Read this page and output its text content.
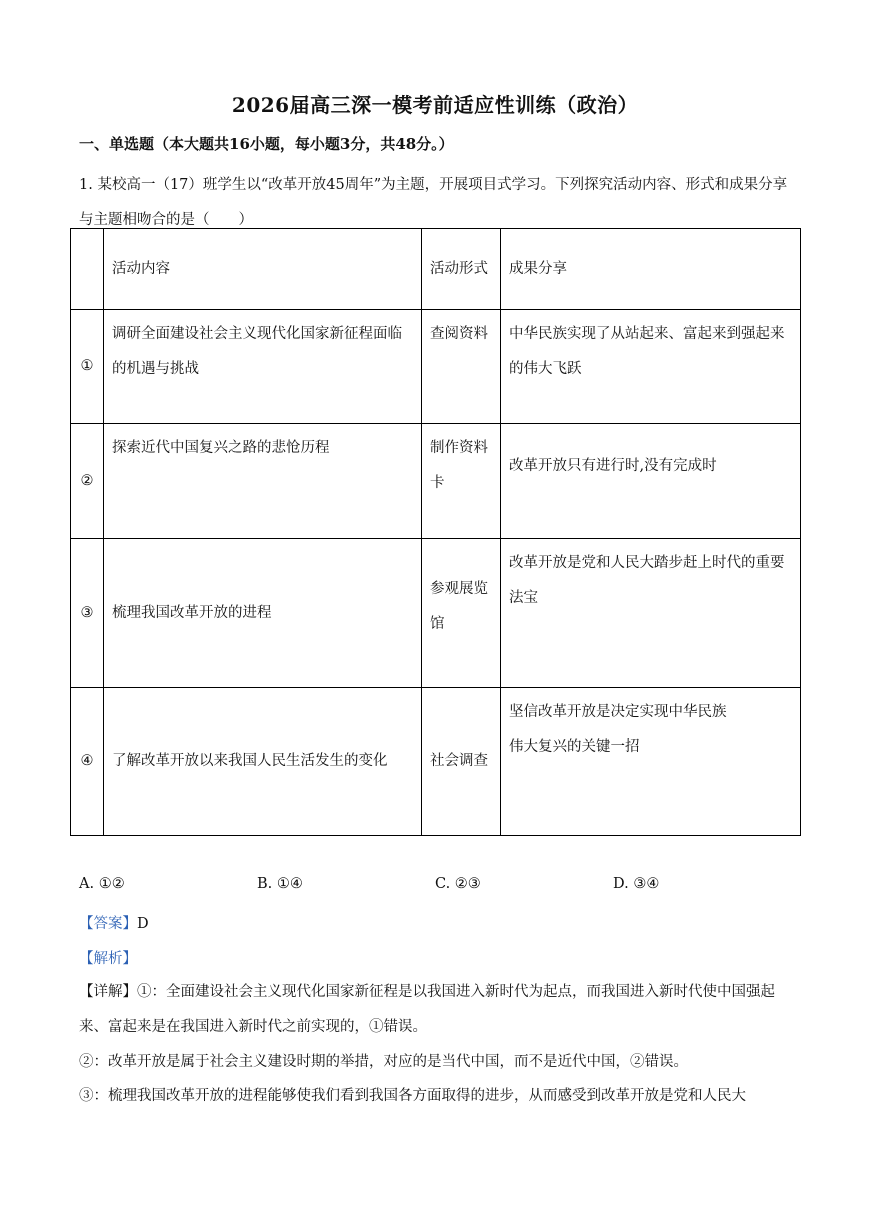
2026届高三深一模考前适应性训练（政治）
一、单选题（本大题共16小题，每小题3分，共48分。）
1. 某校高一（17）班学生以“改革开放45周年”为主题，开展项目式学习。下列探究活动内容、形式和成果分享与主题相吻合的是（　　）
	活动内容	活动形式	成果分享
①	调研全面建设社会主义现代化国家新征程面临的机遇与挑战	查阅资料	中华民族实现了从站起来、富起来到强起来的伟大飞跃
②	探索近代中国复兴之路的悲怆历程	制作资料卡	改革开放只有进行时,没有完成时
③	梳理我国改革开放的进程	参观展览馆	改革开放是党和人民大踏步赶上时代的重要法宝
④	了解改革开放以来我国人民生活发生的变化	社会调查	坚信改革开放是决定实现中华民族伟大复兴的关键一招
A. ①②	B. ①④	C. ②③	D. ③④
【答案】D
【解析】
【详解】①：全面建设社会主义现代化国家新征程是以我国进入新时代为起点，而我国进入新时代使中国强起来、富起来是在我国进入新时代之前实现的，①错误。
②：改革开放是属于社会主义建设时期的举措，对应的是当代中国，而不是近代中国，②错误。
③：梳理我国改革开放的进程能够使我们看到我国各方面取得的进步，从而感受到改革开放是党和人民大
